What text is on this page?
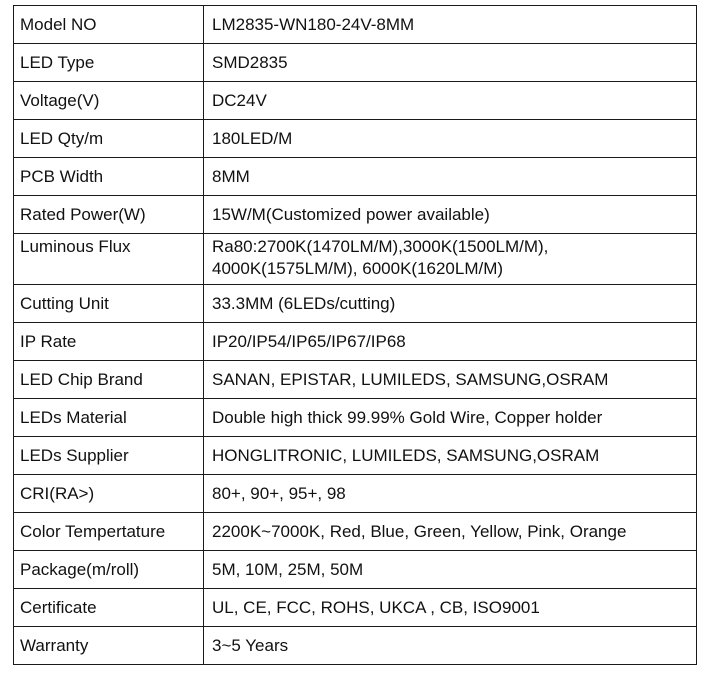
Model NO	LM2835-WN180-24V-8MM
LED Type	SMD2835
Voltage(V)	DC24V
LED Qty/m	180LED/M
PCB Width	8MM
Rated Power(W)	15W/M(Customized power available)
Luminous Flux	Ra80:2700K(1470LM/M),3000K(1500LM/M),
4000K(1575LM/M), 6000K(1620LM/M)

Cutting Unit	33.3MM (6LEDs/cutting)
IP Rate	IP20/IP54/IP65/IP67/IP68
LED Chip Brand	SANAN, EPISTAR, LUMILEDS, SAMSUNG,OSRAM
LEDs Material	Double high thick 99.99% Gold Wire, Copper holder
LEDs Supplier	HONGLITRONIC, LUMILEDS, SAMSUNG,OSRAM
CRI(RA>)	80+, 90+, 95+, 98
Color Tempertature	2200K~7000K, Red, Blue, Green, Yellow, Pink, Orange
Package(m/roll)	5M, 10M, 25M, 50M
Certificate	UL, CE, FCC, ROHS, UKCA , CB, ISO9001
Warranty	3~5 Years
